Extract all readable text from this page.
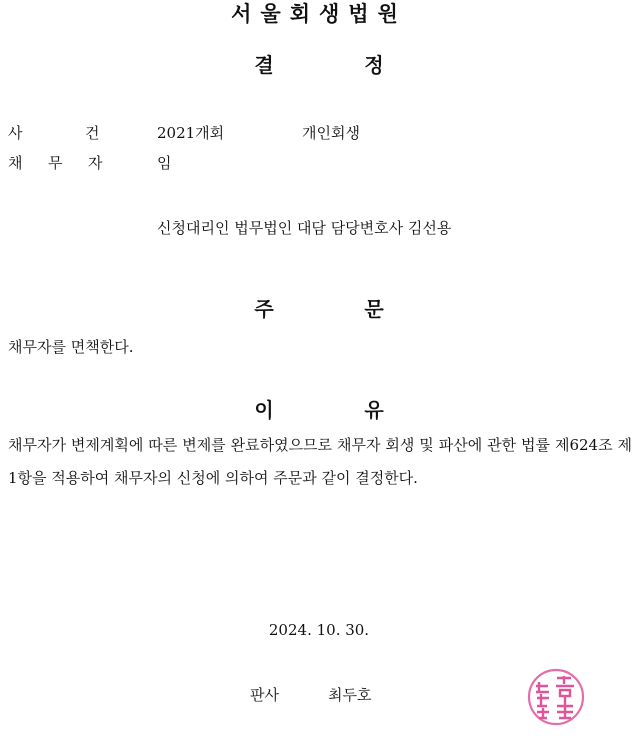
서울회생법원
결	정
사	건	2021개회	개인회생
채 무 자	임
신청대리인 법무법인 대담 담당변호사 김선용
주	문
채무자를 면책한다.
이	유
채무자가 변제계획에 따른 변제를 완료하였으므로 채무자 회생 및 파산에 관한 법률 제624조 제1항을 적용하여 채무자의 신청에 의하여 주문과 같이 결정한다.
2024. 10. 30.
판사	최두호
